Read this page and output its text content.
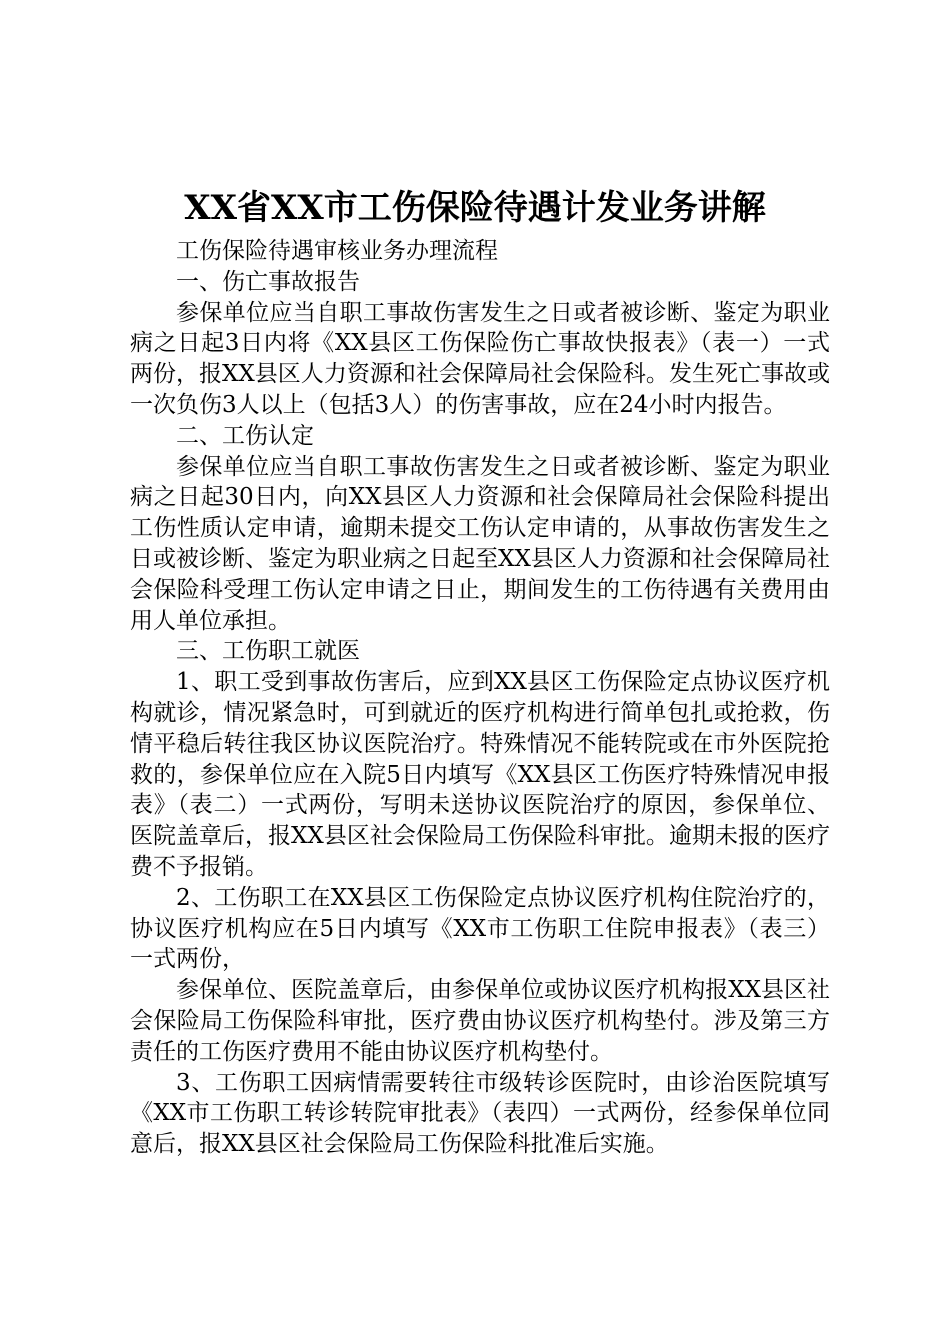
XX省XX市工伤保险待遇计发业务讲解

工伤保险待遇审核业务办理流程

一、伤亡事故报告

参保单位应当自职工事故伤害发生之日或者被诊断、鉴定为职业病之日起3日内将《XX县区工伤保险伤亡事故快报表》（表一）一式两份，报XX县区人力资源和社会保障局社会保险科。发生死亡事故或一次负伤3人以上（包括3人）的伤害事故，应在24小时内报告。

二、工伤认定

参保单位应当自职工事故伤害发生之日或者被诊断、鉴定为职业病之日起30日内，向XX县区人力资源和社会保障局社会保险科提出工伤性质认定申请，逾期未提交工伤认定申请的，从事故伤害发生之日或被诊断、鉴定为职业病之日起至XX县区人力资源和社会保障局社会保险科受理工伤认定申请之日止，期间发生的工伤待遇有关费用由用人单位承担。

三、工伤职工就医

1、职工受到事故伤害后，应到XX县区工伤保险定点协议医疗机构就诊，情况紧急时，可到就近的医疗机构进行简单包扎或抢救，伤情平稳后转往我区协议医院治疗。特殊情况不能转院或在市外医院抢救的，参保单位应在入院5日内填写《XX县区工伤医疗特殊情况申报表》（表二）一式两份，写明未送协议医院治疗的原因，参保单位、医院盖章后，报XX县区社会保险局工伤保险科审批。逾期未报的医疗费不予报销。

2、工伤职工在XX县区工伤保险定点协议医疗机构住院治疗的，协议医疗机构应在5日内填写《XX市工伤职工住院申报表》（表三）一式两份，

参保单位、医院盖章后，由参保单位或协议医疗机构报XX县区社会保险局工伤保险科审批，医疗费由协议医疗机构垫付。涉及第三方责任的工伤医疗费用不能由协议医疗机构垫付。

3、工伤职工因病情需要转往市级转诊医院时，由诊治医院填写《XX市工伤职工转诊转院审批表》（表四）一式两份，经参保单位同意后，报XX县区社会保险局工伤保险科批准后实施。
